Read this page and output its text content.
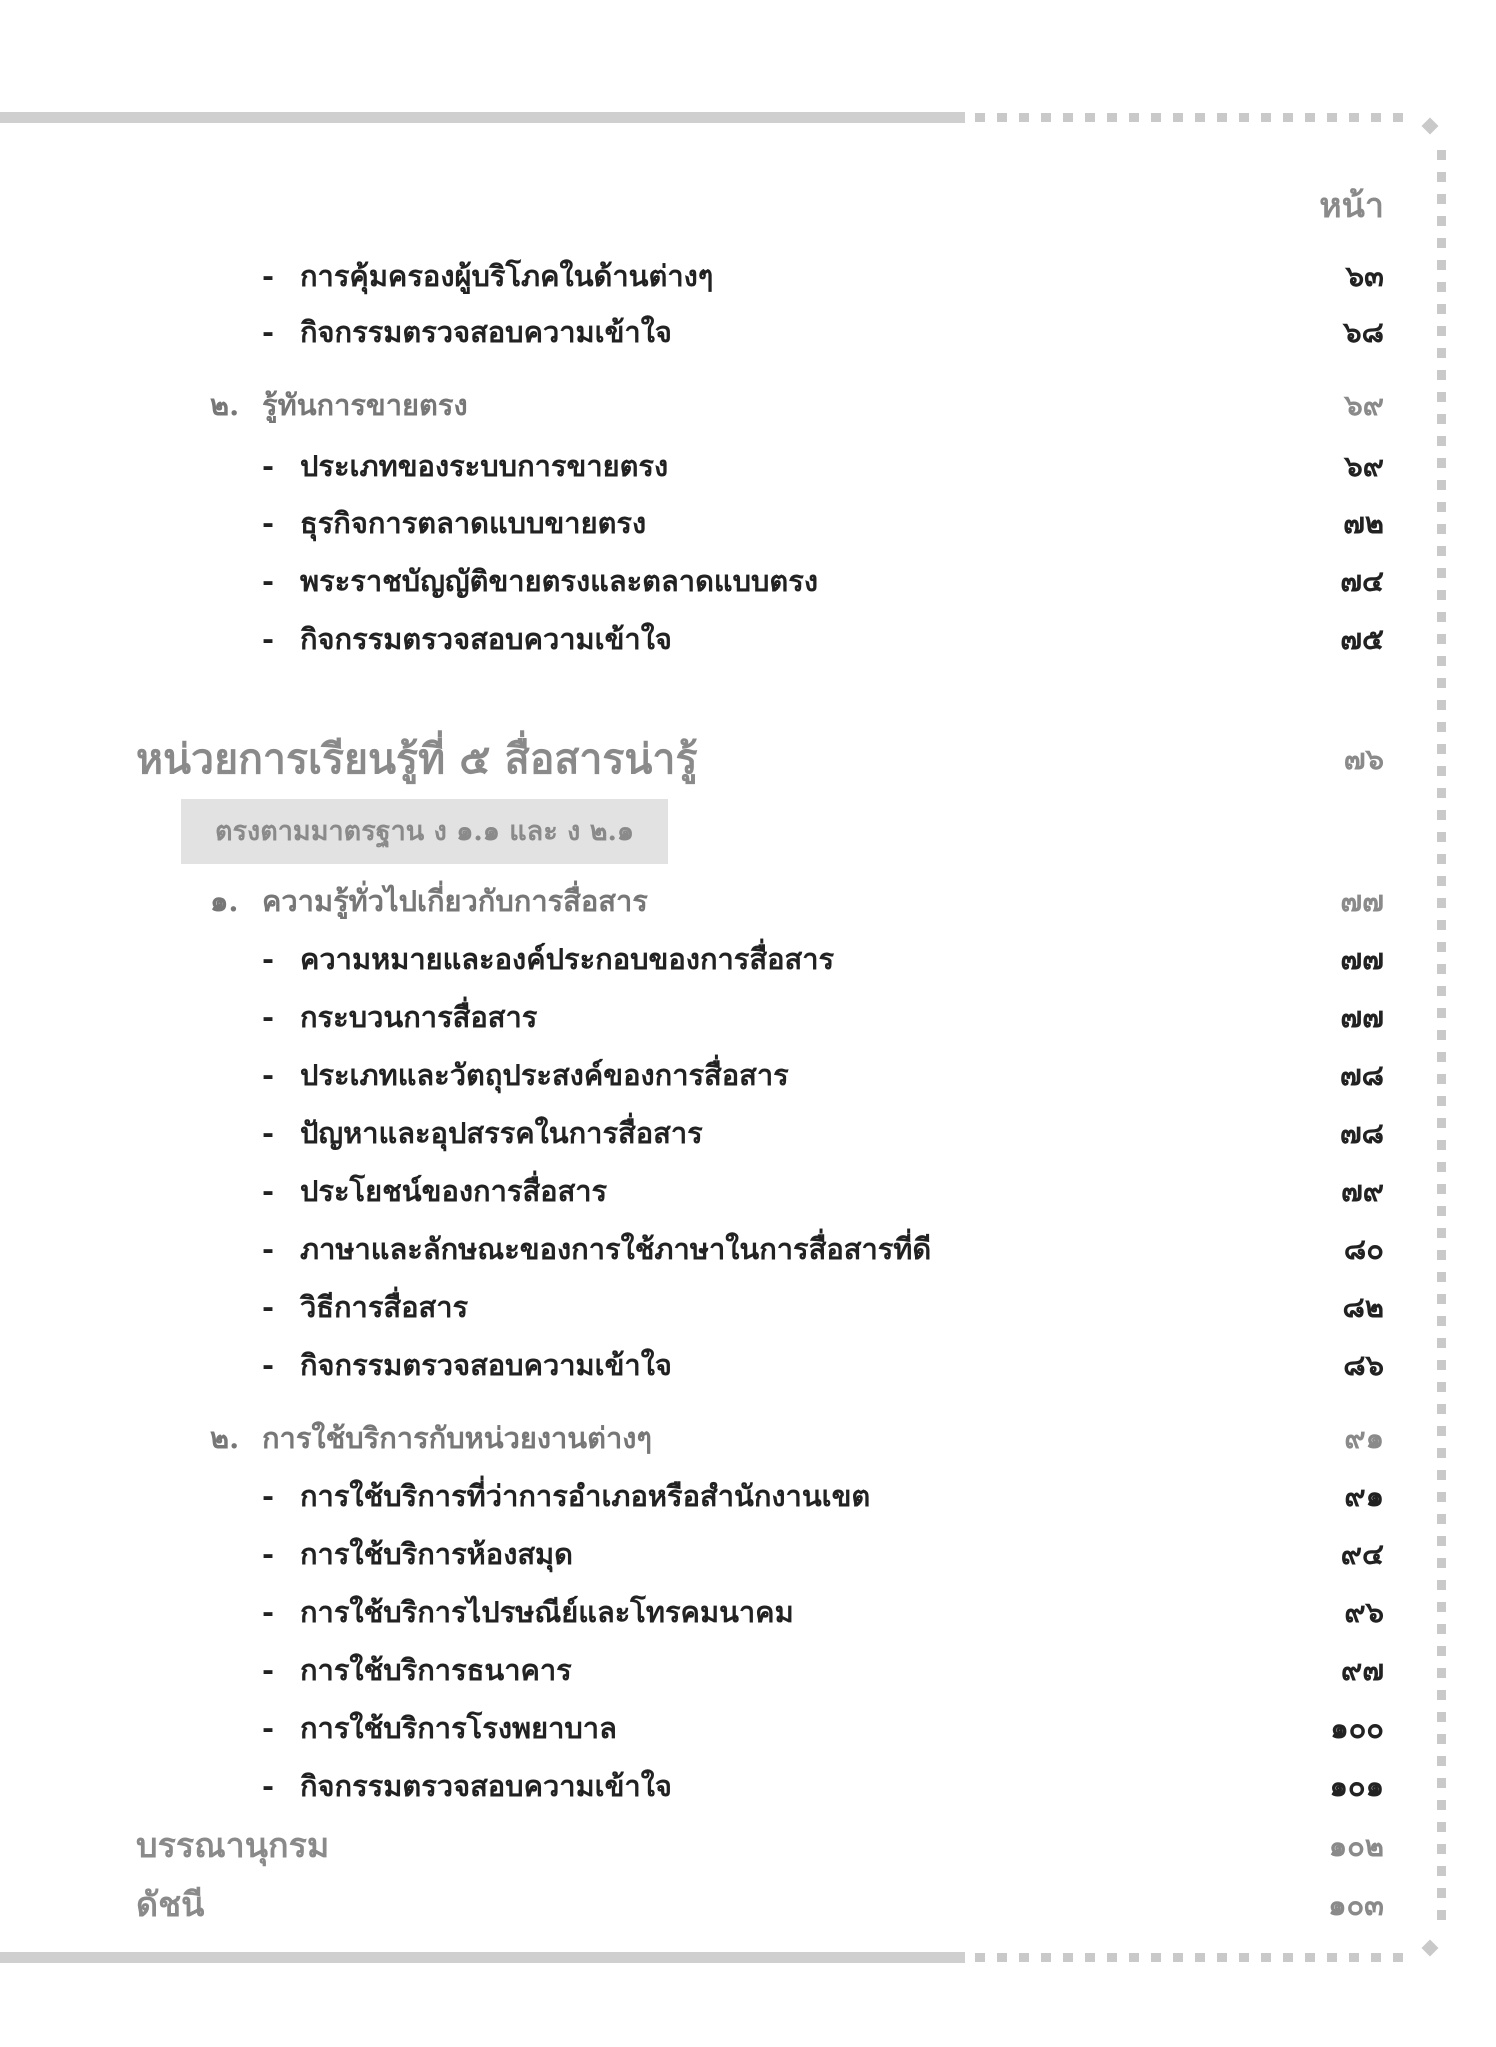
หน้า
- การคุ้มครองผู้บริโภคในด้านต่างๆ	๖๓
- กิจกรรมตรวจสอบความเข้าใจ	๖๘
๒. รู้ทันการขายตรง	๖๙
- ประเภทของระบบการขายตรง	๖๙
- ธุรกิจการตลาดแบบขายตรง	๗๒
- พระราชบัญญัติขายตรงและตลาดแบบตรง	๗๔
- กิจกรรมตรวจสอบความเข้าใจ	๗๕
หน่วยการเรียนรู้ที่ ๕ สื่อสารน่ารู้	๗๖
ตรงตามมาตรฐาน ง ๑.๑ และ ง ๒.๑
๑. ความรู้ทั่วไปเกี่ยวกับการสื่อสาร	๗๗
- ความหมายและองค์ประกอบของการสื่อสาร	๗๗
- กระบวนการสื่อสาร	๗๗
- ประเภทและวัตถุประสงค์ของการสื่อสาร	๗๘
- ปัญหาและอุปสรรคในการสื่อสาร	๗๘
- ประโยชน์ของการสื่อสาร	๗๙
- ภาษาและลักษณะของการใช้ภาษาในการสื่อสารที่ดี	๘๐
- วิธีการสื่อสาร	๘๒
- กิจกรรมตรวจสอบความเข้าใจ	๘๖
๒. การใช้บริการกับหน่วยงานต่างๆ	๙๑
- การใช้บริการที่ว่าการอำเภอหรือสำนักงานเขต	๙๑
- การใช้บริการห้องสมุด	๙๔
- การใช้บริการไปรษณีย์และโทรคมนาคม	๙๖
- การใช้บริการธนาคาร	๙๗
- การใช้บริการโรงพยาบาล	๑๐๐
- กิจกรรมตรวจสอบความเข้าใจ	๑๐๑
บรรณานุกรม	๑๐๒
ดัชนี	๑๐๓
